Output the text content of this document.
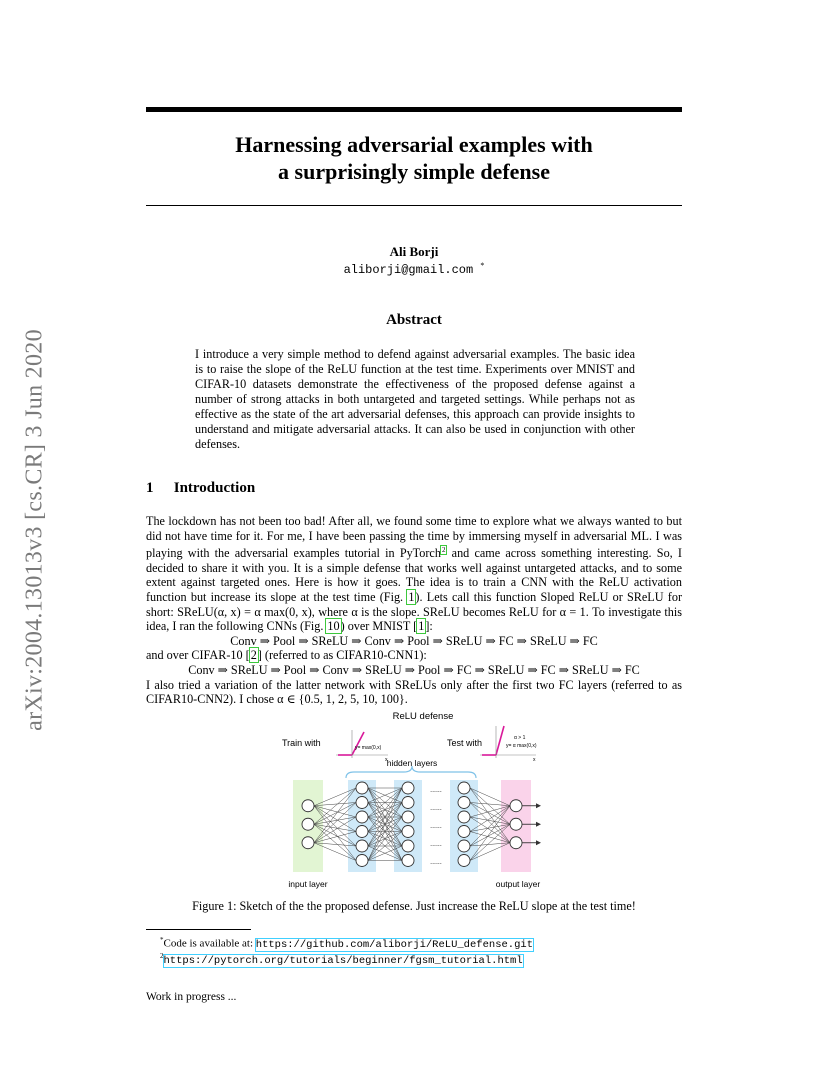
arXiv:2004.13013v3 [cs.CR] 3 Jun 2020
Harnessing adversarial examples with
a surprisingly simple defense
Ali Borji
aliborji@gmail.com *
Abstract
I introduce a very simple method to defend against adversarial examples. The basic idea is to raise the slope of the ReLU function at the test time. Experiments over MNIST and CIFAR-10 datasets demonstrate the effectiveness of the proposed defense against a number of strong attacks in both untargeted and targeted settings. While perhaps not as effective as the state of the art adversarial defenses, this approach can provide insights to understand and mitigate adversarial attacks. It can also be used in conjunction with other defenses.
1 Introduction
The lockdown has not been too bad! After all, we found some time to explore what we always wanted to but did not have time for it. For me, I have been passing the time by immersing myself in adversarial ML. I was playing with the adversarial examples tutorial in PyTorch$^2$ and came across something interesting. So, I decided to share it with you. It is a simple defense that works well against untargeted attacks, and to some extent against targeted ones. Here is how it goes. The idea is to train a CNN with the ReLU activation function but increase its slope at the test time (Fig. 1). Lets call this function Sloped ReLU or SReLU for short: SReLU(α, x) = α max(0, x), where α is the slope. SReLU becomes ReLU for α = 1. To investigate this idea, I ran the following CNNs (Fig. 10) over MNIST [1]:
Conv ⇒ Pool ⇒ SReLU ⇒ Conv ⇒ Pool ⇒ SReLU ⇒ FC ⇒ SReLU ⇒ FC
and over CIFAR-10 [2] (referred to as CIFAR10-CNN1):
Conv ⇒ SReLU ⇒ Pool ⇒ Conv ⇒ SReLU ⇒ Pool ⇒ FC ⇒ SReLU ⇒ FC ⇒ SReLU ⇒ FC
I also tried a variation of the latter network with SReLUs only after the first two FC layers (referred to as CIFAR10-CNN2). I chose α ∈ {0.5, 1, 2, 5, 10, 100}.
ReLU defense
Train with	y= max(0,x)
x
Test with	α > 1
y= α max(0,x)
x
hidden layers
......
......
......
......
......
input layer	output layer
Figure 1: Sketch of the the proposed defense. Just increase the ReLU slope at the test time!
*Code is available at: https://github.com/aliborji/ReLU_defense.git
$^2$https://pytorch.org/tutorials/beginner/fgsm_tutorial.html
Work in progress ...
